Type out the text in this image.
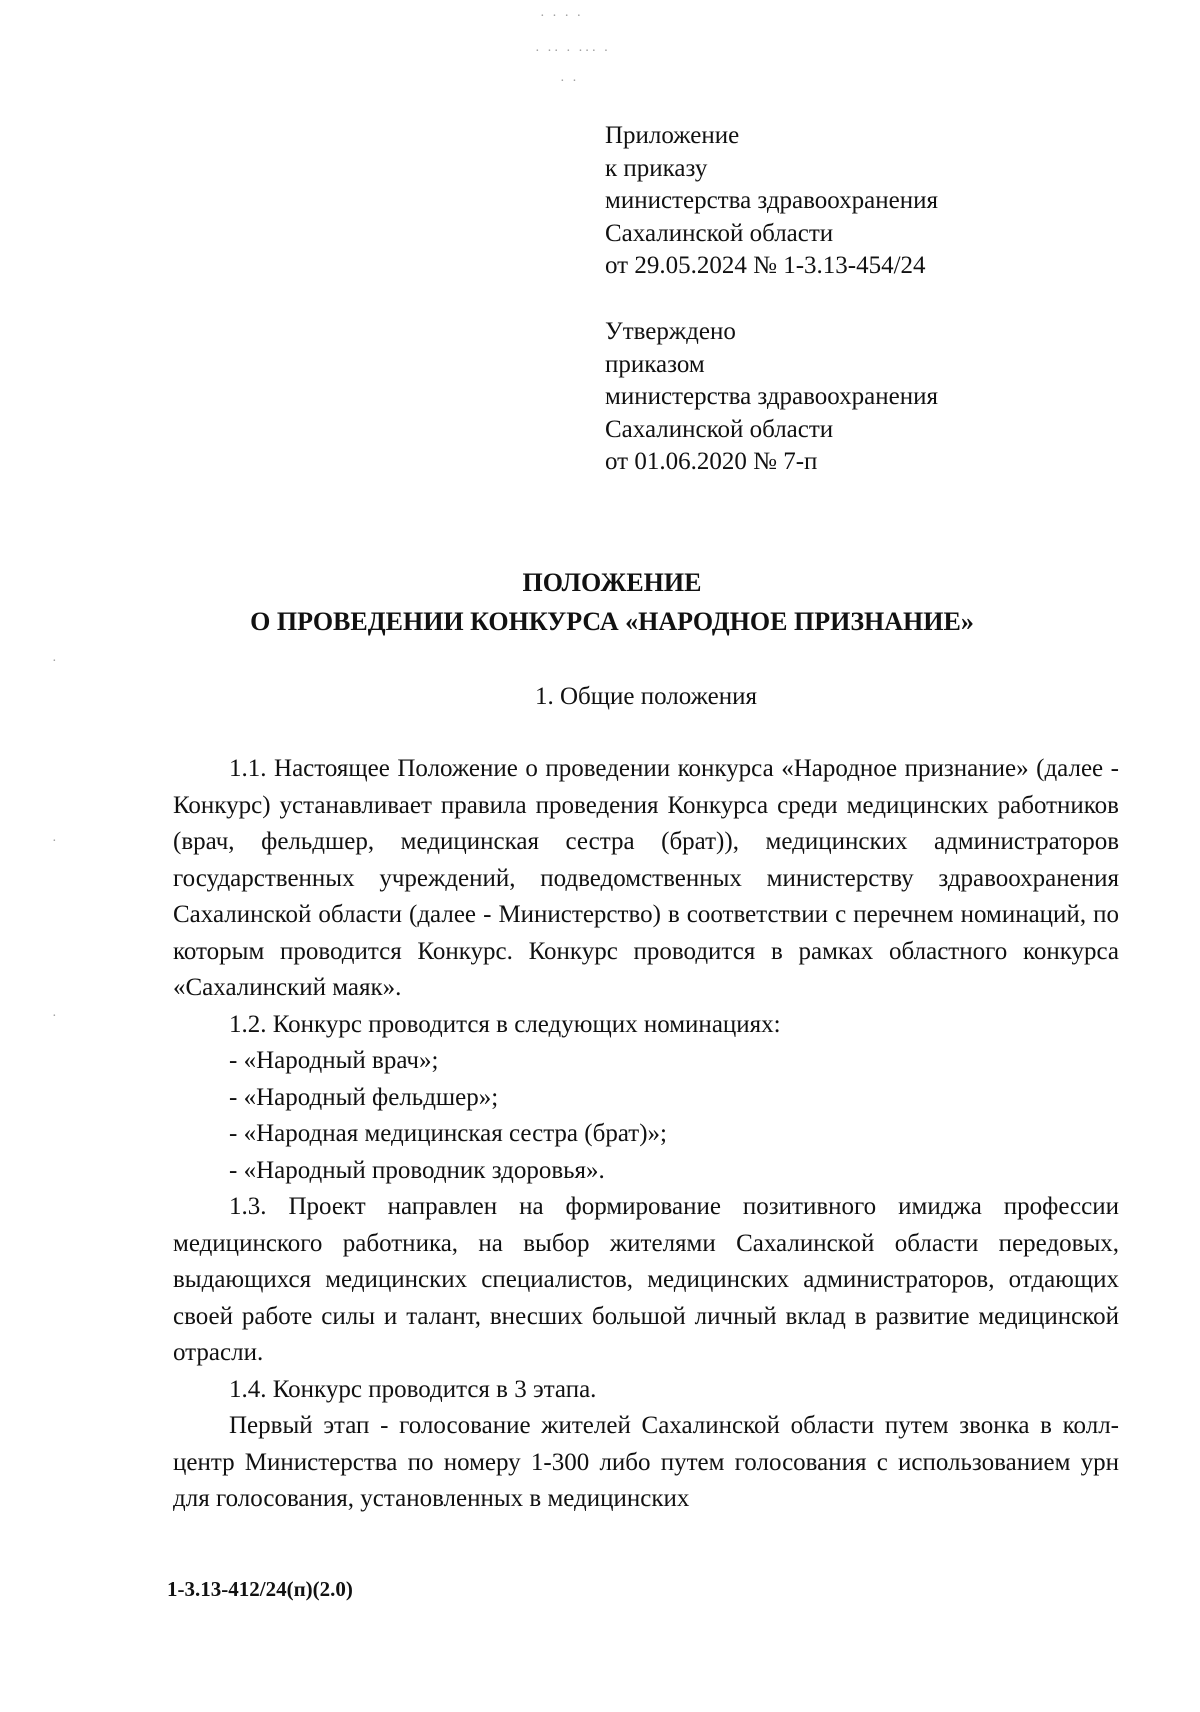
· · · ·
· ·· · ··· ·
· ·
·
·
·
Приложение
к приказу
министерства здравоохранения
Сахалинской области
от 29.05.2024 № 1-3.13-454/24
Утверждено
приказом
министерства здравоохранения
Сахалинской области
от 01.06.2020 № 7-п
ПОЛОЖЕНИЕ
О ПРОВЕДЕНИИ КОНКУРСА «НАРОДНОЕ ПРИЗНАНИЕ»
1. Общие положения

1.1. Настоящее Положение о проведении конкурса «Народное признание» (далее - Конкурс) устанавливает правила проведения Конкурса среди медицинских работников (врач, фельдшер, медицинская сестра (брат)), медицинских администраторов государственных учреждений, подведомственных министерству здравоохранения Сахалинской области (далее - Министерство) в соответствии с перечнем номинаций, по которым проводится Конкурс. Конкурс проводится в рамках областного конкурса «Сахалинский маяк».

1.2. Конкурс проводится в следующих номинациях:

- «Народный врач»;

- «Народный фельдшер»;

- «Народная медицинская сестра (брат)»;

- «Народный проводник здоровья».

1.3. Проект направлен на формирование позитивного имиджа профессии медицинского работника, на выбор жителями Сахалинской области передовых, выдающихся медицинских специалистов, медицинских администраторов, отдающих своей работе силы и талант, внесших большой личный вклад в развитие медицинской отрасли.

1.4. Конкурс проводится в 3 этапа.

Первый этап - голосование жителей Сахалинской области путем звонка в колл-центр Министерства по номеру 1-300 либо путем голосования с использованием урн для голосования, установленных в медицинских

1-3.13-412/24(п)(2.0)
